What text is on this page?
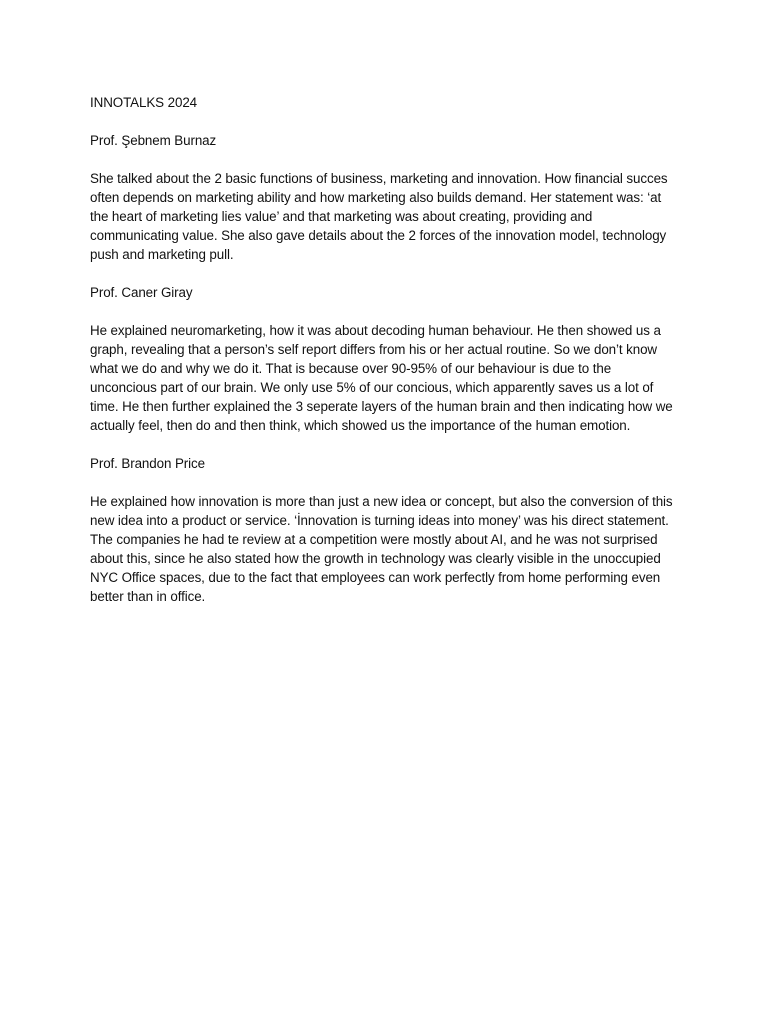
INNOTALKS 2024

Prof. Şebnem Burnaz

She talked about the 2 basic functions of business, marketing and innovation. How financial succes often depends on marketing ability and how marketing also builds demand. Her statement was: ‘at the heart of marketing lies value’ and that marketing was about creating, providing and communicating value. She also gave details about the 2 forces of the innovation model, technology push and marketing pull.

Prof. Caner Giray

He explained neuromarketing, how it was about decoding human behaviour. He then showed us a graph, revealing that a person’s self report differs from his or her actual routine. So we don’t know what we do and why we do it. That is because over 90-95% of our behaviour is due to the unconcious part of our brain. We only use 5% of our concious, which apparently saves us a lot of time. He then further explained the 3 seperate layers of the human brain and then indicating how we actually feel, then do and then think, which showed us the importance of the human emotion.

Prof. Brandon Price

He explained how innovation is more than just a new idea or concept, but also the conversion of this new idea into a product or service. ‘İnnovation is turning ideas into money’ was his direct statement. The companies he had te review at a competition were mostly about AI, and he was not surprised about this, since he also stated how the growth in technology was clearly visible in the unoccupied NYC Office spaces, due to the fact that employees can work perfectly from home performing even better than in office.
